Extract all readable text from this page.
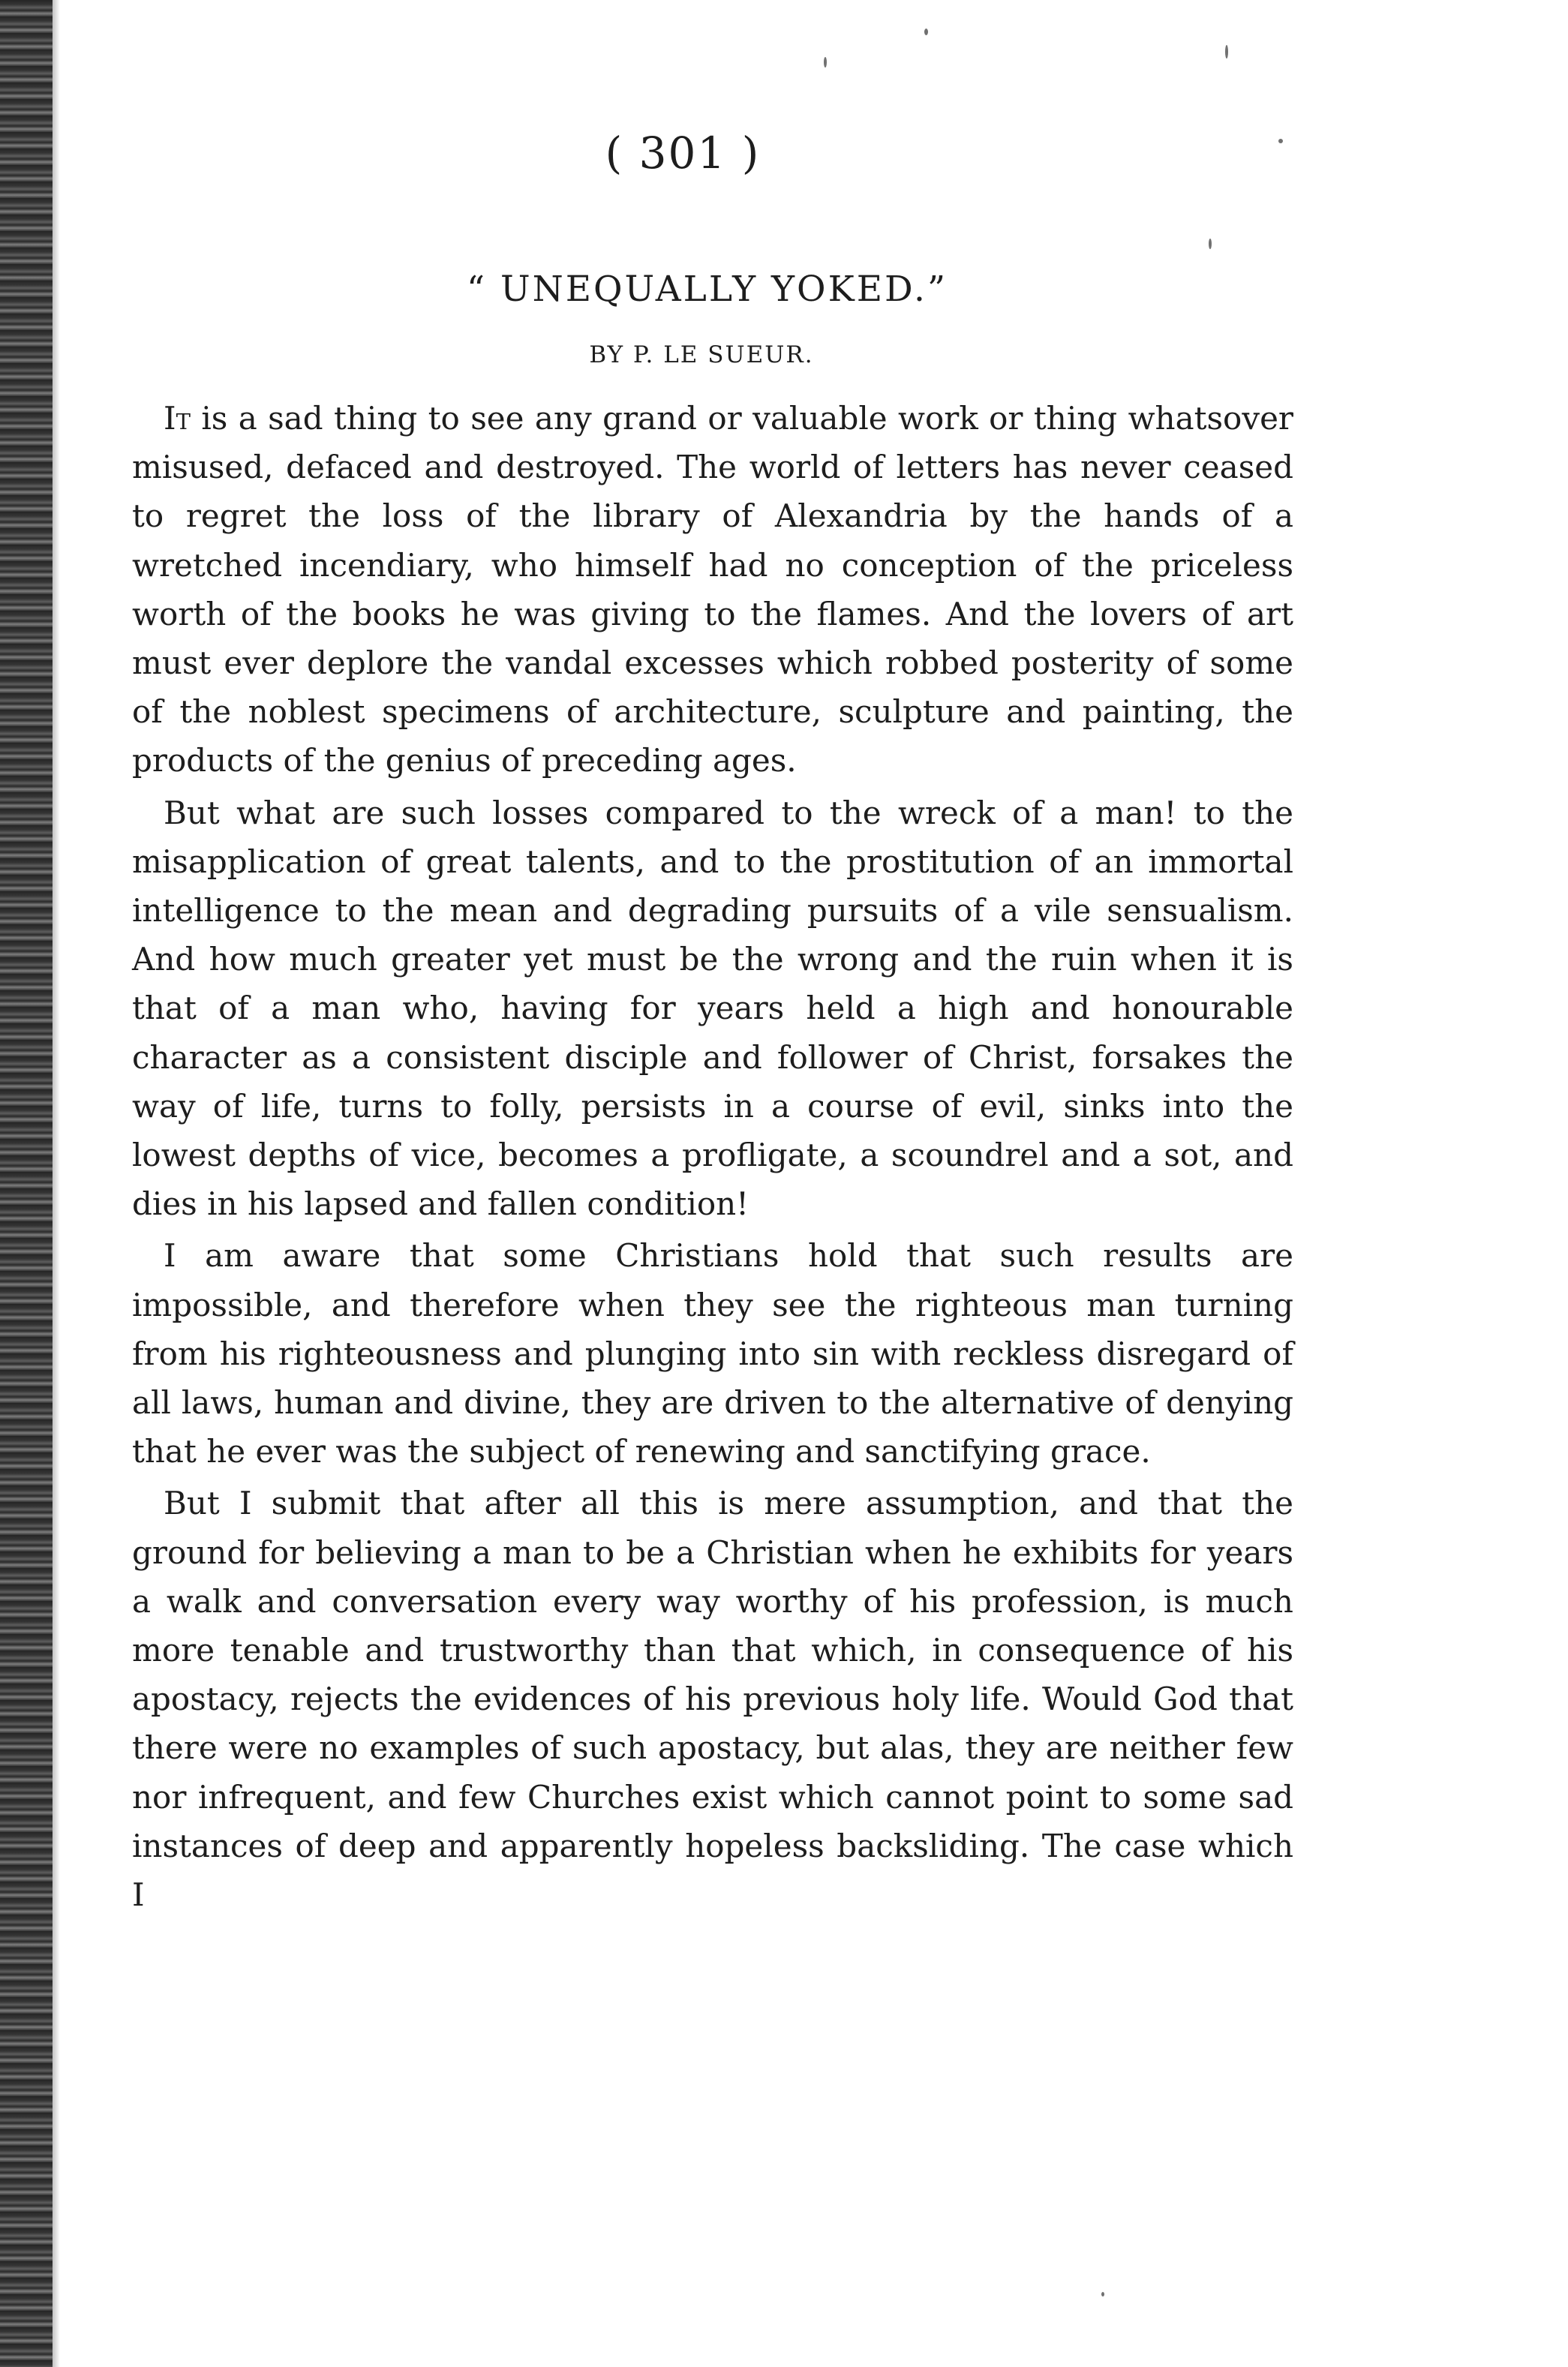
( 301 )
“ UNEQUALLY YOKED.”
BY P. LE SUEUR.

It is a sad thing to see any grand or valuable work or thing whatsover misused, defaced and destroyed. The world of letters has never ceased to regret the loss of the library of Alexandria by the hands of a wretched incendiary, who himself had no conception of the priceless worth of the books he was giving to the flames. And the lovers of art must ever deplore the vandal excesses which robbed posterity of some of the noblest specimens of architecture, sculpture and painting, the products of the genius of preceding ages.

But what are such losses compared to the wreck of a man! to the misapplication of great talents, and to the prostitution of an immortal intelligence to the mean and degrading pursuits of a vile sensualism. And how much greater yet must be the wrong and the ruin when it is that of a man who, having for years held a high and honourable character as a consistent disciple and follower of Christ, forsakes the way of life, turns to folly, persists in a course of evil, sinks into the lowest depths of vice, becomes a profligate, a scoundrel and a sot, and dies in his lapsed and fallen condition!

I am aware that some Christians hold that such results are impossible, and therefore when they see the righteous man turning from his righteousness and plunging into sin with reckless disregard of all laws, human and divine, they are driven to the alternative of denying that he ever was the subject of renewing and sanctifying grace.

But I submit that after all this is mere assumption, and that the ground for believing a man to be a Christian when he exhibits for years a walk and conversation every way worthy of his profession, is much more tenable and trustworthy than that which, in consequence of his apostacy, rejects the evidences of his previous holy life. Would God that there were no examples of such apostacy, but alas, they are neither few nor infrequent, and few Churches exist which cannot point to some sad instances of deep and apparently hopeless backsliding. The case which I
